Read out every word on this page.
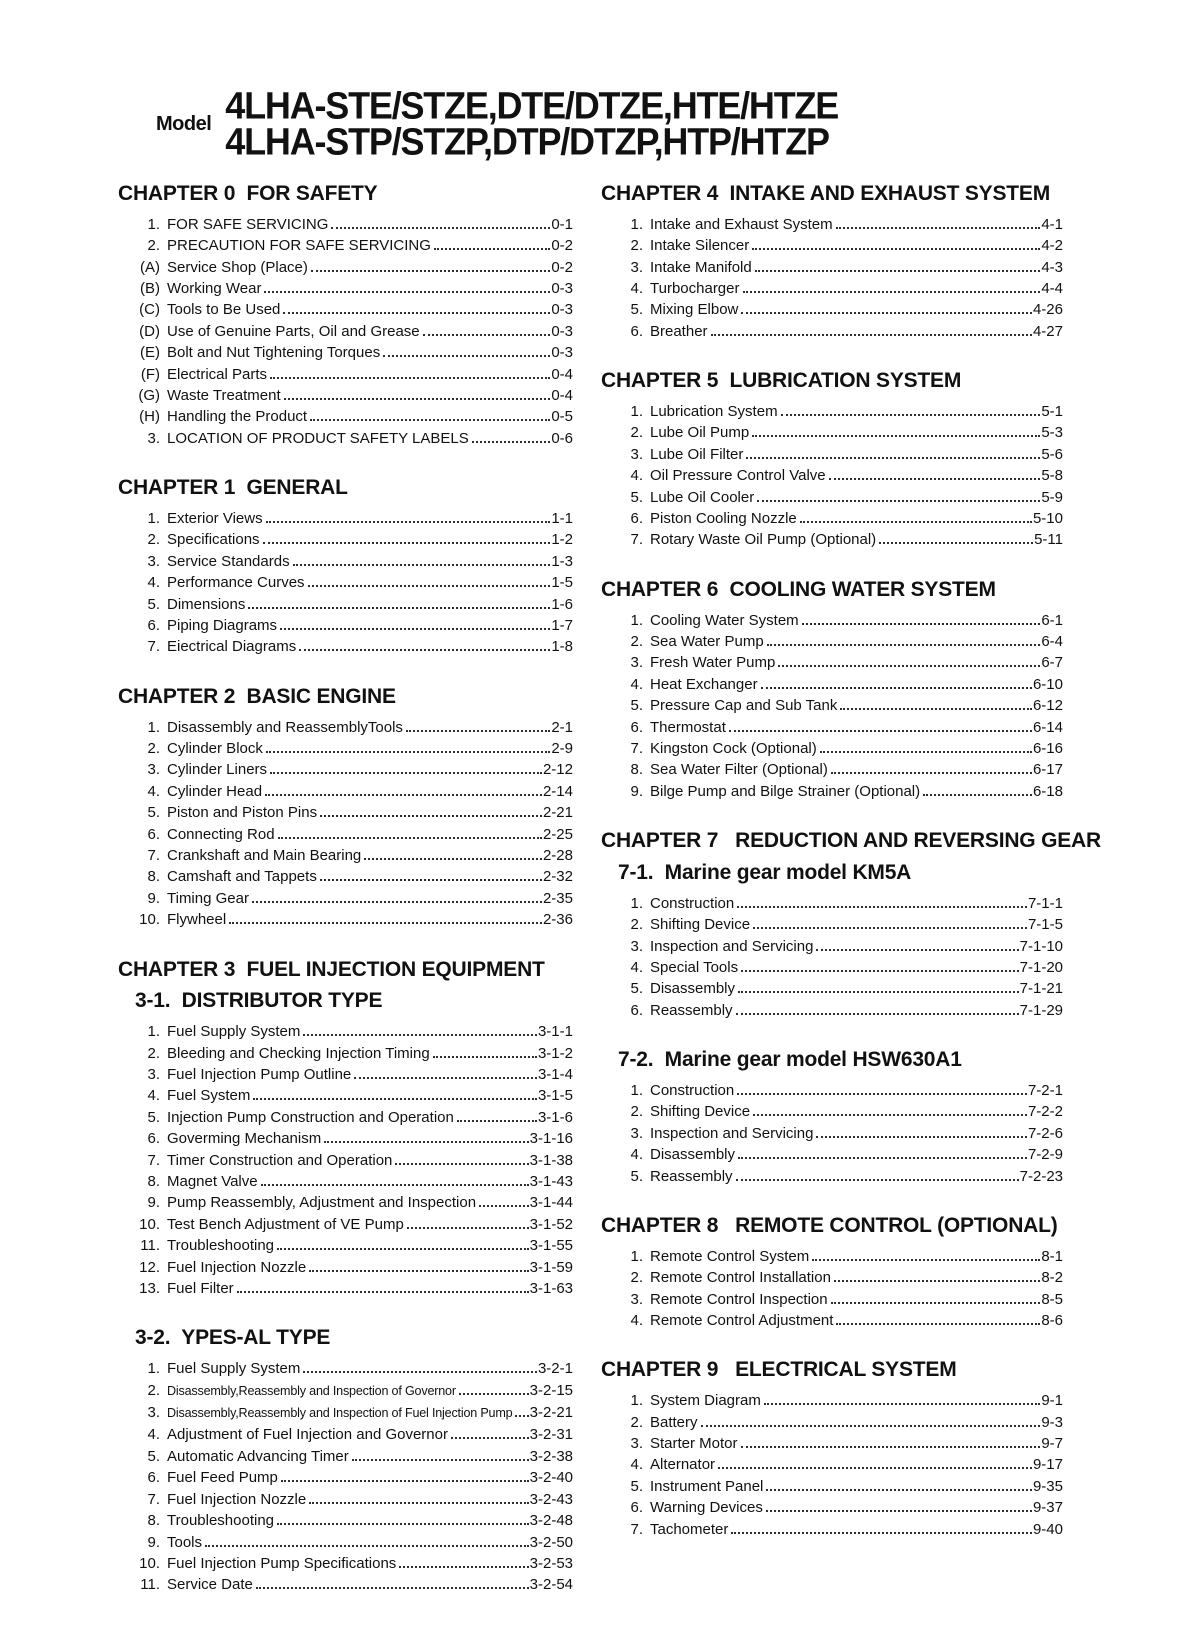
Model 4LHA-STE/STZE,DTE/DTZE,HTE/HTZE
4LHA-STP/STZP,DTP/DTZP,HTP/HTZP
CHAPTER 0  FOR SAFETY
1. FOR SAFE SERVICING	0-1
2. PRECAUTION FOR SAFE SERVICING	0-2
(A) Service Shop (Place)	0-2
(B) Working Wear	0-3
(C) Tools to Be Used	0-3
(D) Use of Genuine Parts, Oil and Grease	0-3
(E) Bolt and Nut Tightening Torques	0-3
(F) Electrical Parts	0-4
(G) Waste Treatment	0-4
(H) Handling the Product	0-5
3. LOCATION OF PRODUCT SAFETY LABELS	0-6
CHAPTER 1  GENERAL
1. Exterior Views	1-1
2. Specifications	1-2
3. Service Standards	1-3
4. Performance Curves	1-5
5. Dimensions	1-6
6. Piping Diagrams	1-7
7. Eiectrical Diagrams	1-8
CHAPTER 2  BASIC ENGINE
1. Disassembly and ReassemblyTools	2-1
2. Cylinder Block	2-9
3. Cylinder Liners	2-12
4. Cylinder Head	2-14
5. Piston and Piston Pins	2-21
6. Connecting Rod	2-25
7. Crankshaft and Main Bearing	2-28
8. Camshaft and Tappets	2-32
9. Timing Gear	2-35
10. Flywheel	2-36
CHAPTER 3  FUEL INJECTION EQUIPMENT
3-1.  DISTRIBUTOR TYPE
1. Fuel Supply System	3-1-1
2. Bleeding and Checking Injection Timing	3-1-2
3. Fuel Injection Pump Outline	3-1-4
4. Fuel System	3-1-5
5. Injection Pump Construction and Operation	3-1-6
6. Goverming Mechanism	3-1-16
7. Timer Construction and Operation	3-1-38
8. Magnet Valve	3-1-43
9. Pump Reassembly, Adjustment and Inspection	3-1-44
10. Test Bench Adjustment of VE Pump	3-1-52
11. Troubleshooting	3-1-55
12. Fuel Injection Nozzle	3-1-59
13. Fuel Filter	3-1-63
3-2.  YPES-AL TYPE
1. Fuel Supply System	3-2-1
2. Disassembly,Reassembly and Inspection of Governor	3-2-15
3. Disassembly,Reassembly and Inspection of Fuel Injection Pump 3-2-21
4. Adjustment of Fuel Injection and Governor	3-2-31
5. Automatic Advancing Timer	3-2-38
6. Fuel Feed Pump	3-2-40
7. Fuel Injection Nozzle	3-2-43
8. Troubleshooting	3-2-48
9. Tools	3-2-50
10. Fuel Injection Pump Specifications	3-2-53
11. Service Date	3-2-54
CHAPTER 4  INTAKE AND EXHAUST SYSTEM
1. Intake and Exhaust System	4-1
2. Intake Silencer	4-2
3. Intake Manifold	4-3
4. Turbocharger	4-4
5. Mixing Elbow	4-26
6. Breather	4-27
CHAPTER 5  LUBRICATION SYSTEM
1. Lubrication System	5-1
2. Lube Oil Pump	5-3
3. Lube Oil Filter	5-6
4. Oil Pressure Control Valve	5-8
5. Lube Oil Cooler	5-9
6. Piston Cooling Nozzle	5-10
7. Rotary Waste Oil Pump (Optional)	5-11
CHAPTER 6  COOLING WATER SYSTEM
1. Cooling Water System	6-1
2. Sea Water Pump	6-4
3. Fresh Water Pump	6-7
4. Heat Exchanger	6-10
5. Pressure Cap and Sub Tank	6-12
6. Thermostat	6-14
7. Kingston Cock (Optional)	6-16
8. Sea Water Filter (Optional)	6-17
9. Bilge Pump and Bilge Strainer (Optional)	6-18
CHAPTER 7   REDUCTION AND REVERSING GEAR
7-1.  Marine gear model KM5A
1. Construction	7-1-1
2. Shifting Device	7-1-5
3. Inspection and Servicing	7-1-10
4. Special Tools	7-1-20
5. Disassembly	7-1-21
6. Reassembly	7-1-29
7-2.  Marine gear model HSW630A1
1. Construction	7-2-1
2. Shifting Device	7-2-2
3. Inspection and Servicing	7-2-6
4. Disassembly	7-2-9
5. Reassembly	7-2-23
CHAPTER 8   REMOTE CONTROL (OPTIONAL)
1. Remote Control System	8-1
2. Remote Control Installation	8-2
3. Remote Control Inspection	8-5
4. Remote Control Adjustment	8-6
CHAPTER 9   ELECTRICAL SYSTEM
1. System Diagram	9-1
2. Battery	9-3
3. Starter Motor	9-7
4. Alternator	9-17
5. Instrument Panel	9-35
6. Warning Devices	9-37
7. Tachometer	9-40
